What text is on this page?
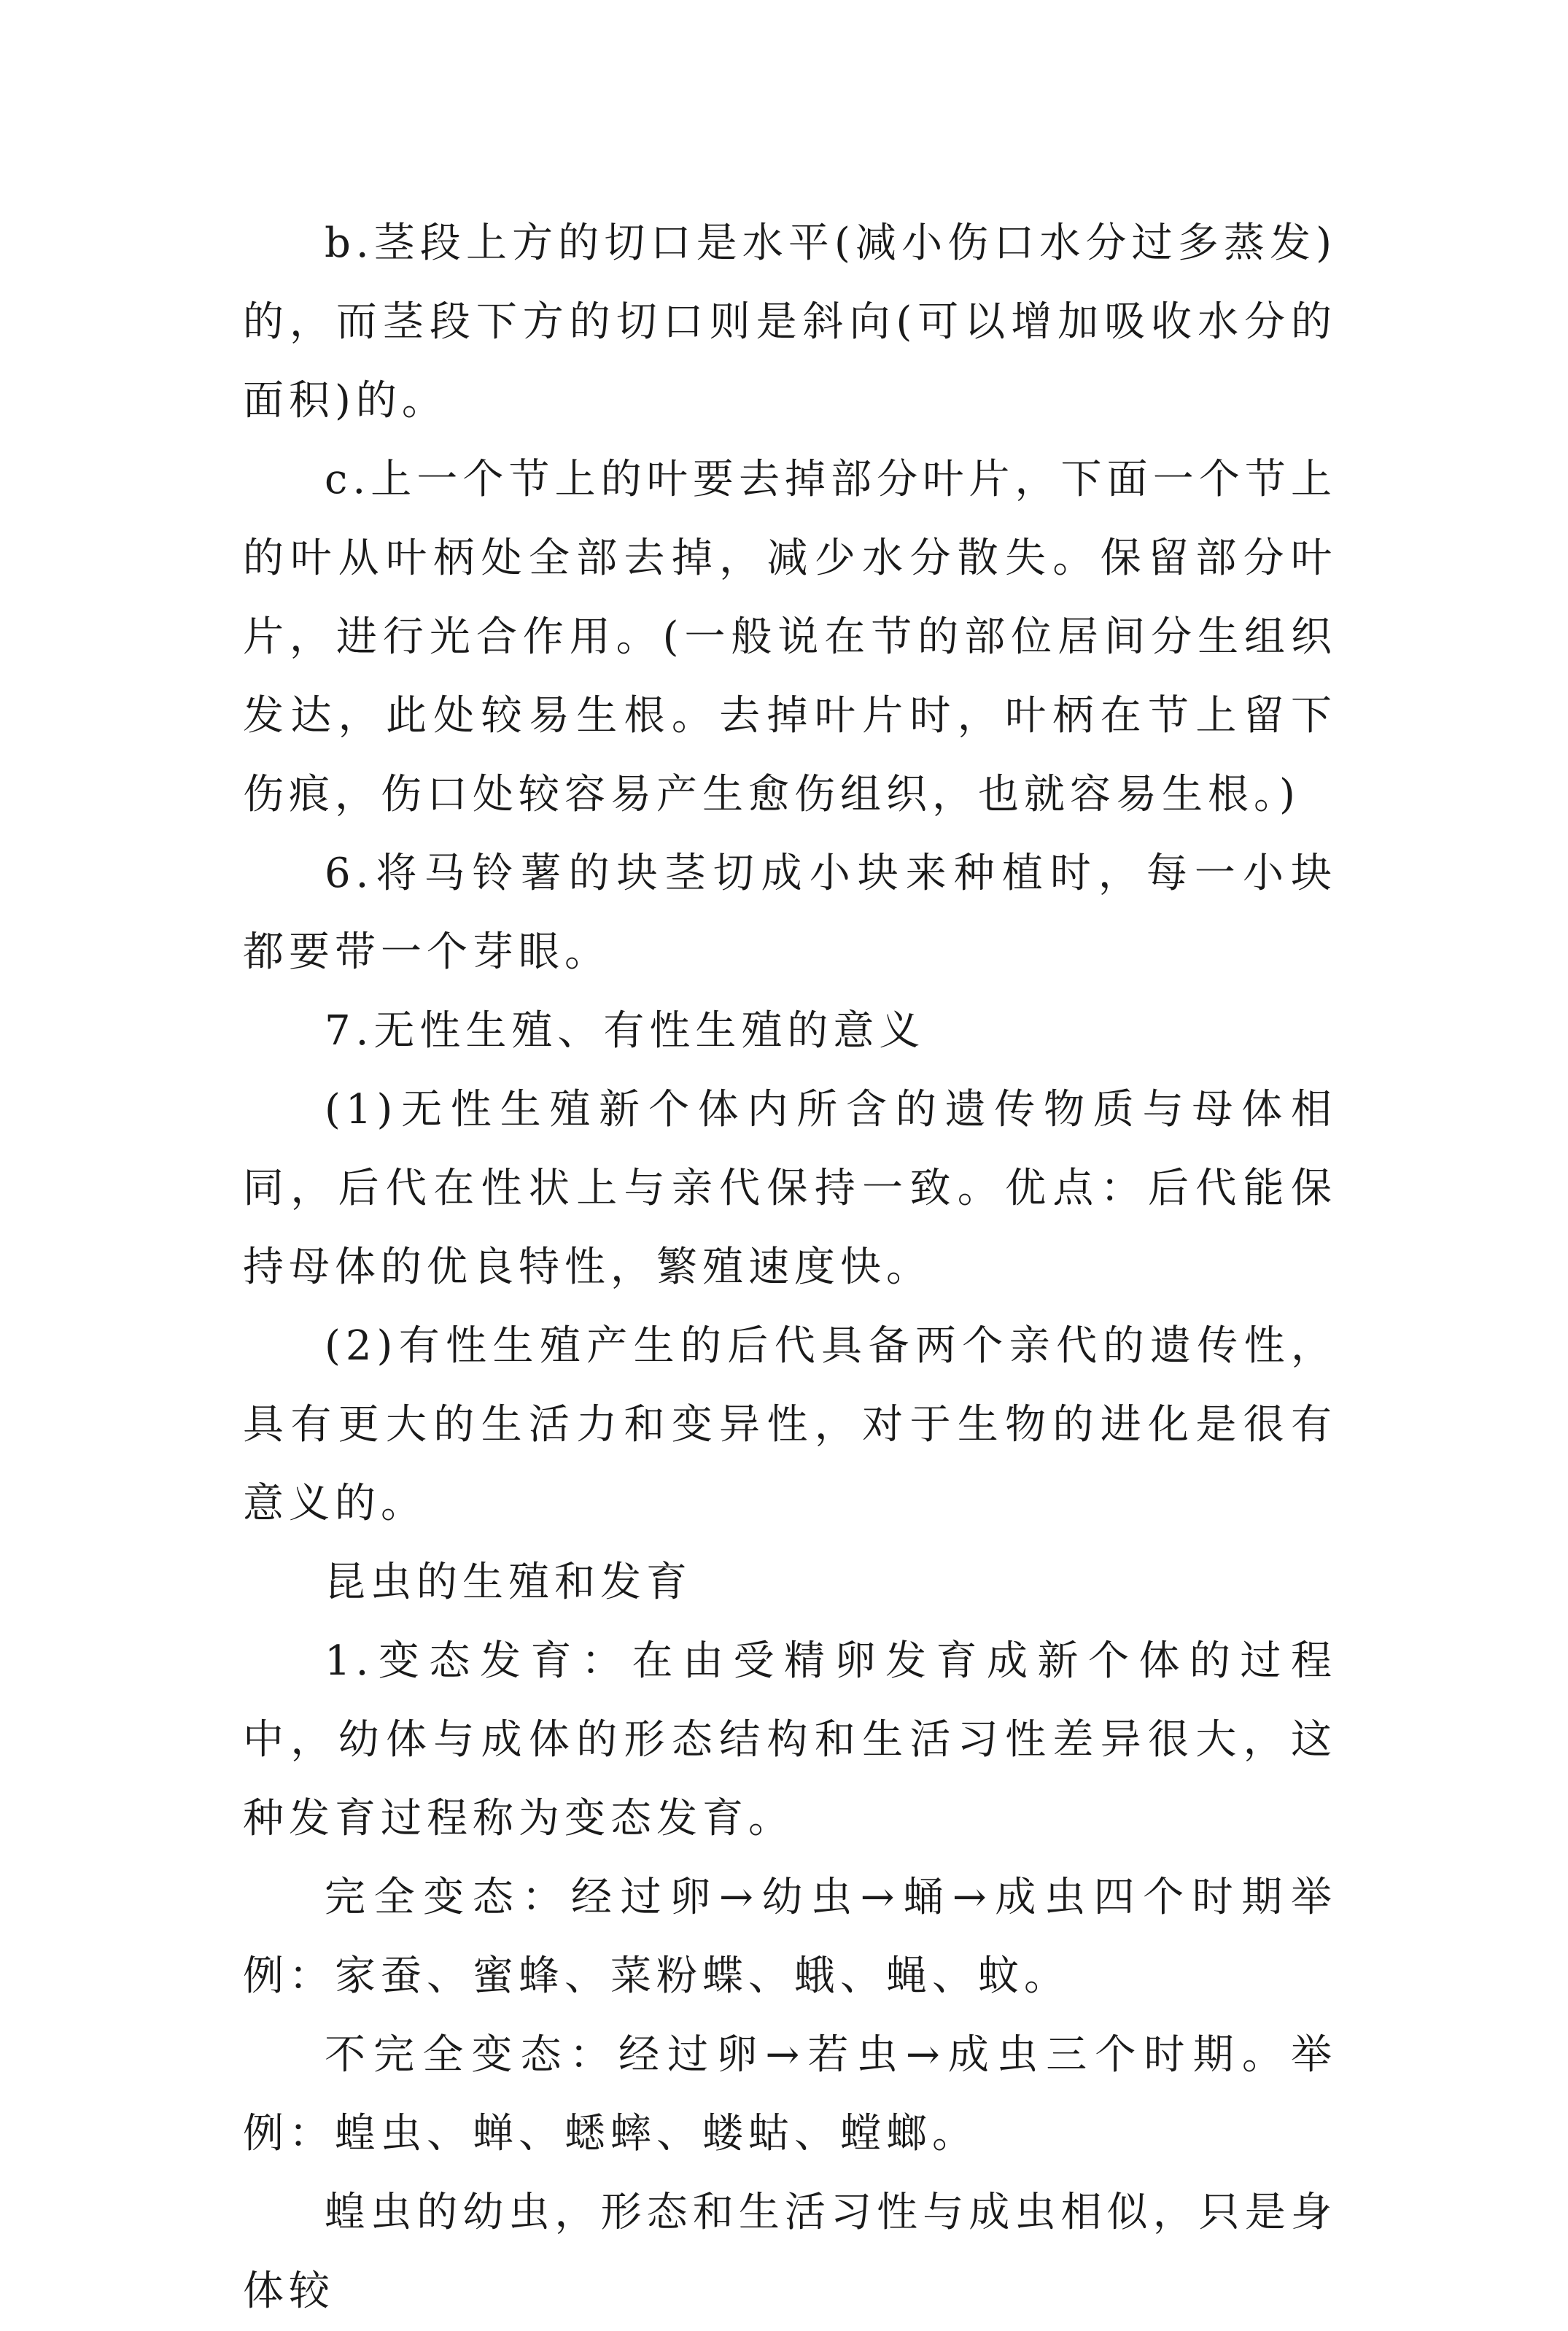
b.茎段上方的切口是水平(减小伤口水分过多蒸发)的，而茎段下方的切口则是斜向(可以增加吸收水分的面积)的。

c.上一个节上的叶要去掉部分叶片，下面一个节上的叶从叶柄处全部去掉，减少水分散失。保留部分叶片，进行光合作用。(一般说在节的部位居间分生组织发达，此处较易生根。去掉叶片时，叶柄在节上留下伤痕，伤口处较容易产生愈伤组织，也就容易生根。)

6.将马铃薯的块茎切成小块来种植时，每一小块都要带一个芽眼。

7.无性生殖、有性生殖的意义

(1)无性生殖新个体内所含的遗传物质与母体相同，后代在性状上与亲代保持一致。优点：后代能保持母体的优良特性，繁殖速度快。

(2)有性生殖产生的后代具备两个亲代的遗传性，具有更大的生活力和变异性，对于生物的进化是很有意义的。

昆虫的生殖和发育

1.变态发育：在由受精卵发育成新个体的过程中，幼体与成体的形态结构和生活习性差异很大，这种发育过程称为变态发育。

完全变态：经过卵→幼虫→蛹→成虫四个时期举例：家蚕、蜜蜂、菜粉蝶、蛾、蝇、蚊。

不完全变态：经过卵→若虫→成虫三个时期。举例：蝗虫、蝉、蟋蟀、蝼蛄、螳螂。

蝗虫的幼虫，形态和生活习性与成虫相似，只是身体较
